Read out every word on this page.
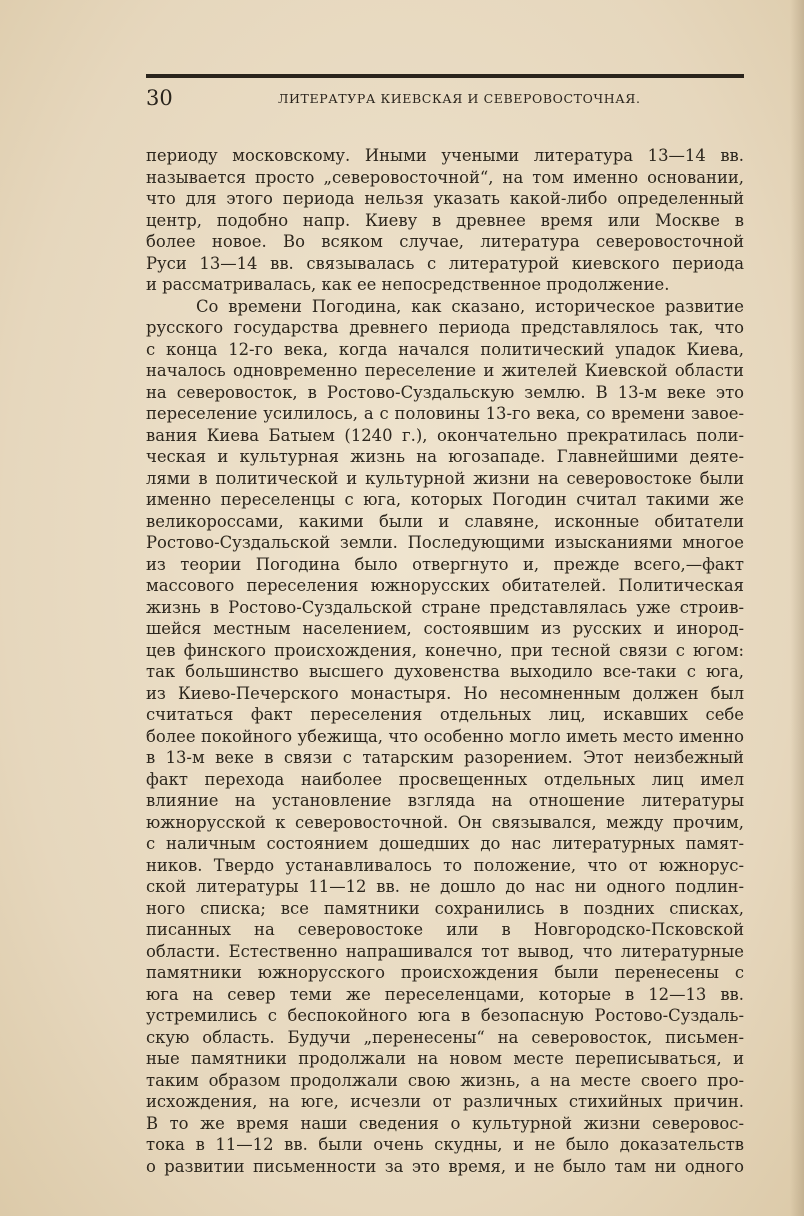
30	ЛИТЕРАТУРА КИЕВСКАЯ И СЕВЕРОВОСТОЧНАЯ.
периоду московскому. Иными учеными литература 13—14 вв.
называется просто „северовосточной“, на том именно основании,
что для этого периода нельзя указать какой-либо определенный
центр, подобно напр. Киеву в древнее время или Москве в
более новое. Во всяком случае, литература северовосточной
Руси 13—14 вв. связывалась с литературой киевского периода
и рассматривалась, как ее непосредственное продолжение.
Со времени Погодина, как сказано, историческое развитие
русского государства древнего периода представлялось так, что
с конца 12-го века, когда начался политический упадок Киева,
началось одновременно переселение и жителей Киевской области
на северовосток, в Ростово-Суздальскую землю. В 13-м веке это
переселение усилилось, а с половины 13-го века, со времени завое-
вания Киева Батыем (1240 г.), окончательно прекратилась поли-
ческая и культурная жизнь на югозападе. Главнейшими деяте-
лями в политической и культурной жизни на северовостоке были
именно переселенцы с юга, которых Погодин считал такими же
великороссами, какими были и славяне, исконные обитатели
Ростово-Суздальской земли. Последующими изысканиями многое
из теории Погодина было отвергнуто и, прежде всего,—факт
массового переселения южнорусских обитателей. Политическая
жизнь в Ростово-Суздальской стране представлялась уже строив-
шейся местным населением, состоявшим из русских и инород-
цев финского происхождения, конечно, при тесной связи с югом:
так большинство высшего духовенства выходило все-таки с юга,
из Киево-Печерского монастыря. Но несомненным должен был
считаться факт переселения отдельных лиц, искавших себе
более покойного убежища, что особенно могло иметь место именно
в 13-м веке в связи с татарским разорением. Этот неизбежный
факт перехода наиболее просвещенных отдельных лиц имел
влияние на установление взгляда на отношение литературы
южнорусской к северовосточной. Он связывался, между прочим,
с наличным состоянием дошедших до нас литературных памят-
ников. Твердо устанавливалось то положение, что от южнорус-
ской литературы 11—12 вв. не дошло до нас ни одного подлин-
ного списка; все памятники сохранились в поздних списках,
писанных на северовостоке или в Новгородско-Псковской
области. Естественно напрашивался тот вывод, что литературные
памятники южнорусского происхождения были перенесены с
юга на север теми же переселенцами, которые в 12—13 вв.
устремились с беспокойного юга в безопасную Ростово-Суздаль-
скую область. Будучи „перенесены“ на северовосток, письмен-
ные памятники продолжали на новом месте переписываться, и
таким образом продолжали свою жизнь, а на месте своего про-
исхождения, на юге, исчезли от различных стихийных причин.
В то же время наши сведения о культурной жизни северовос-
тока в 11—12 вв. были очень скудны, и не было доказательств
о развитии письменности за это время, и не было там ни одного
